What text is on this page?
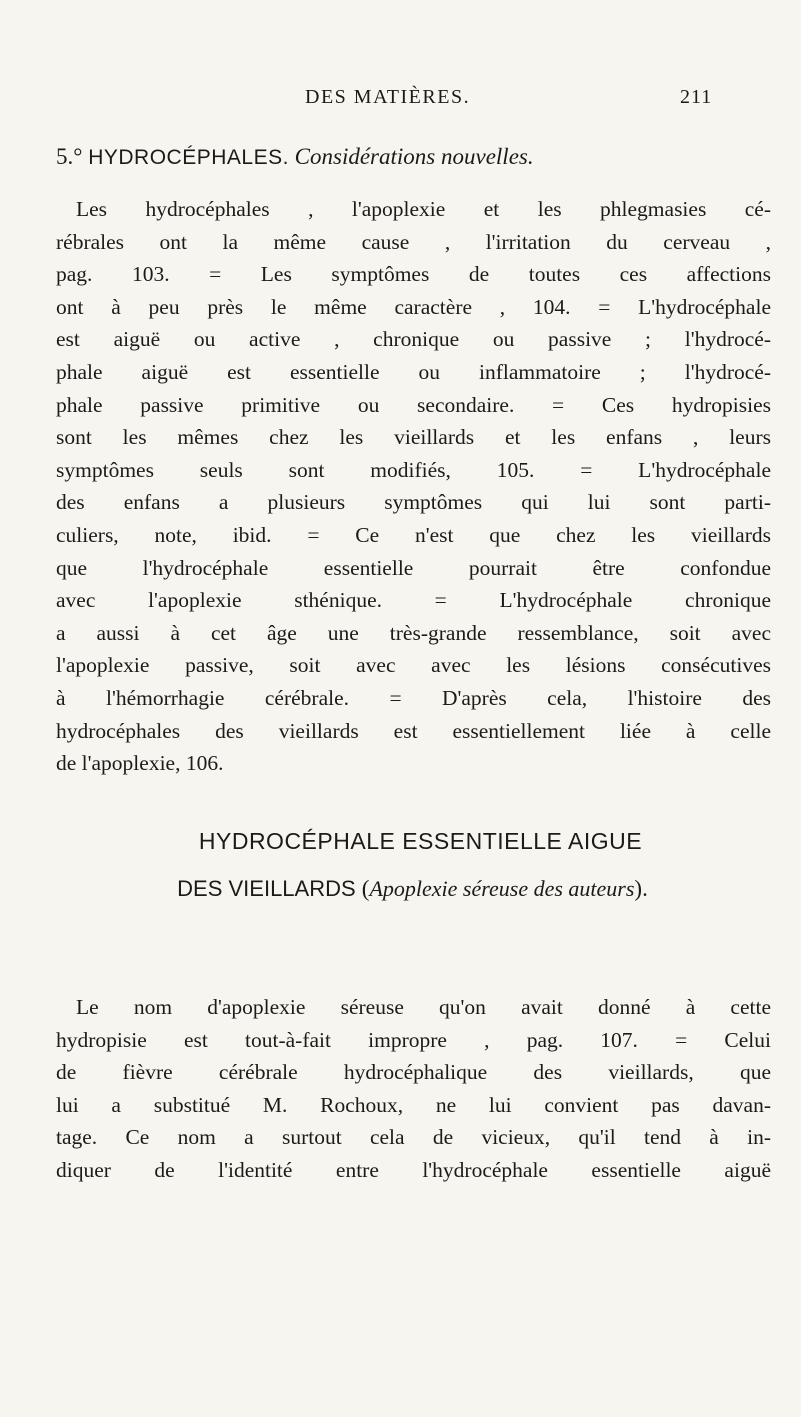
DES MATIÈRES.	211
5.° HYDROCÉPHALES. Considérations nouvelles.
Les hydrocéphales , l'apoplexie et les phlegmasies cé-
rébrales ont la même cause , l'irritation du cerveau ,
pag. 103. = Les symptômes de toutes ces affections
ont à peu près le même caractère , 104. = L'hydrocéphale
est aiguë ou active , chronique ou passive ; l'hydrocé-
phale aiguë est essentielle ou inflammatoire ; l'hydrocé-
phale passive primitive ou secondaire. = Ces hydropisies
sont les mêmes chez les vieillards et les enfans , leurs
symptômes seuls sont modifiés, 105. = L'hydrocéphale
des enfans a plusieurs symptômes qui lui sont parti-
culiers, note, ibid. = Ce n'est que chez les vieillards
que l'hydrocéphale essentielle pourrait être confondue
avec l'apoplexie sthénique. = L'hydrocéphale chronique
a aussi à cet âge une très-grande ressemblance, soit avec
l'apoplexie passive, soit avec avec les lésions consécutives
à l'hémorrhagie cérébrale. = D'après cela, l'histoire des
hydrocéphales des vieillards est essentiellement liée à celle
de l'apoplexie, 106.
HYDROCÉPHALE ESSENTIELLE AIGUE
DES VIEILLARDS (Apoplexie séreuse des auteurs).
Le nom d'apoplexie séreuse qu'on avait donné à cette
hydropisie est tout-à-fait impropre , pag. 107. = Celui
de fièvre cérébrale hydrocéphalique des vieillards, que
lui a substitué M. Rochoux, ne lui convient pas davan-
tage. Ce nom a surtout cela de vicieux, qu'il tend à in-
diquer de l'identité entre l'hydrocéphale essentielle aiguë
